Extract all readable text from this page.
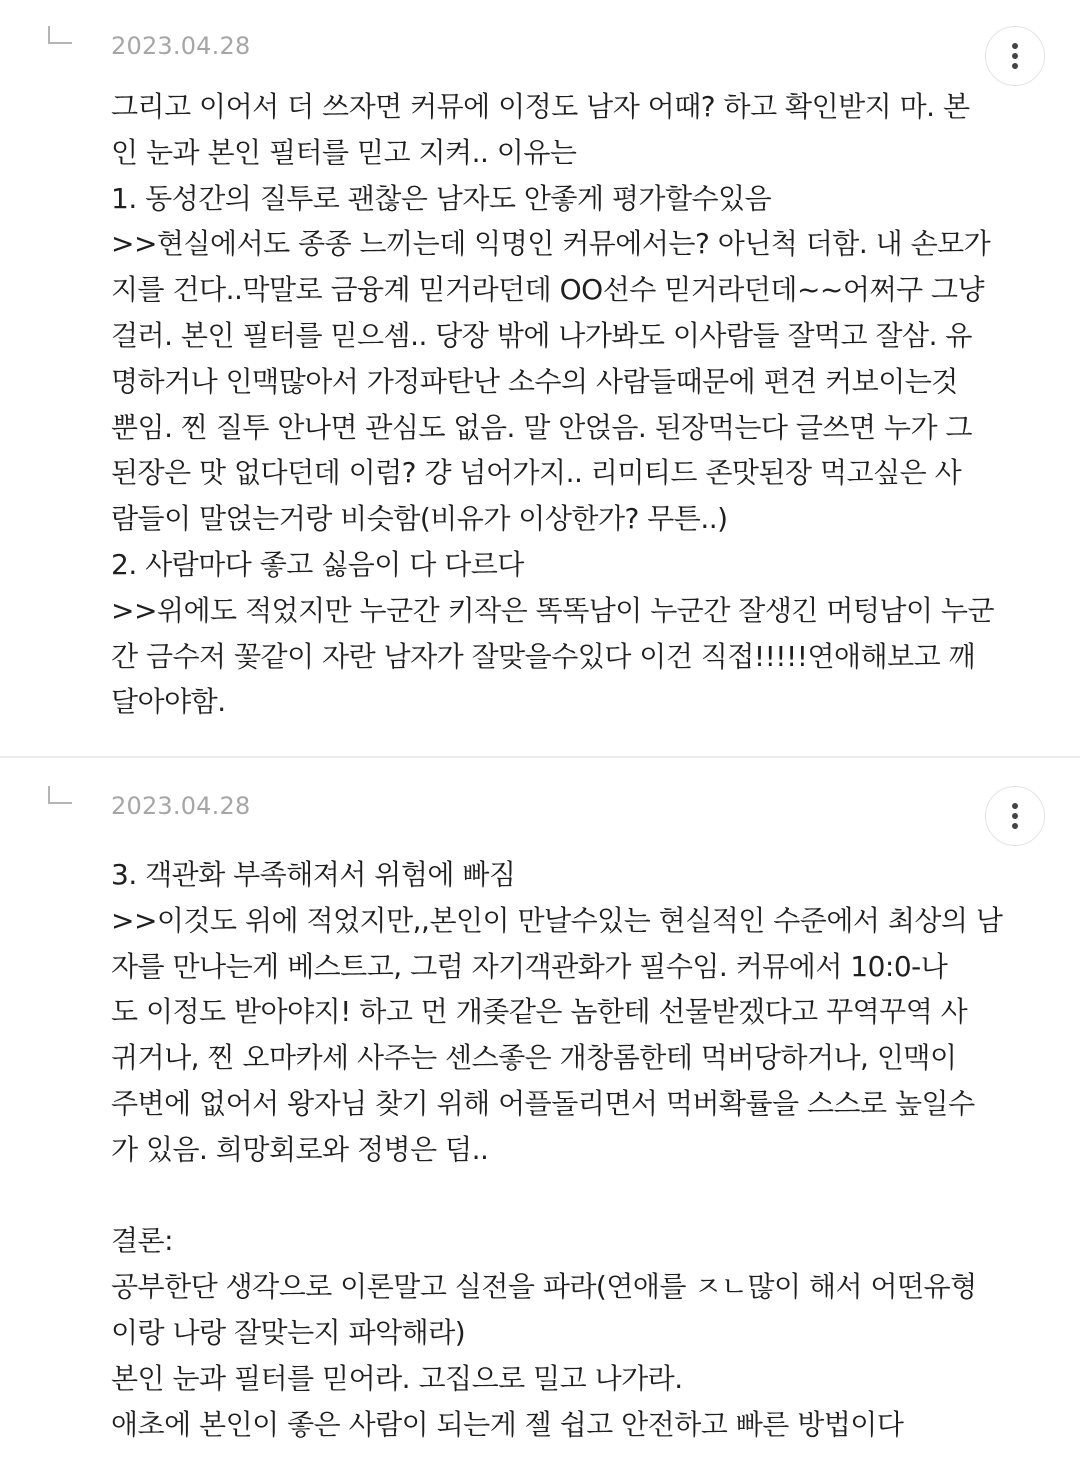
2023.04.28
그리고 이어서 더 쓰자면 커뮤에 이정도 남자 어때? 하고 확인받지 마. 본
인 눈과 본인 필터를 믿고 지켜.. 이유는
1. 동성간의 질투로 괜찮은 남자도 안좋게 평가할수있음
>>현실에서도 종종 느끼는데 익명인 커뮤에서는? 아닌척 더함. 내 손모가
지를 건다..막말로 금융계 믿거라던데 OO선수 믿거라던데~~어쩌구 그냥
걸러. 본인 필터를 믿으셈.. 당장 밖에 나가봐도 이사람들 잘먹고 잘삼. 유
명하거나 인맥많아서 가정파탄난 소수의 사람들때문에 편견 커보이는것
뿐임. 찐 질투 안나면 관심도 없음. 말 안얹음. 된장먹는다 글쓰면 누가 그
된장은 맛 없다던데 이럼? 걍 넘어가지.. 리미티드 존맛된장 먹고싶은 사
람들이 말얹는거랑 비슷함(비유가 이상한가? 무튼..)
2. 사람마다 좋고 싫음이 다 다르다
>>위에도 적었지만 누군간 키작은 똑똑남이 누군간 잘생긴 머텅남이 누군
간 금수저 꽃같이 자란 남자가 잘맞을수있다 이건 직접!!!!!연애해보고 깨
달아야함.
2023.04.28
3. 객관화 부족해져서 위험에 빠짐
>>이것도 위에 적었지만,,본인이 만날수있는 현실적인 수준에서 최상의 남
자를 만나는게 베스트고, 그럼 자기객관화가 필수임. 커뮤에서 10:0-나
도 이정도 받아야지! 하고 먼 개좆같은 놈한테 선물받겠다고 꾸역꾸역 사
귀거나, 찐 오마카세 사주는 센스좋은 개창롬한테 먹버당하거나, 인맥이
주변에 없어서 왕자님 찾기 위해 어플돌리면서 먹버확률을 스스로 높일수
가 있음. 희망회로와 정병은 덤..
결론:
공부한단 생각으로 이론말고 실전을 파라(연애를 ㅈㄴ많이 해서 어떤유형
이랑 나랑 잘맞는지 파악해라)
본인 눈과 필터를 믿어라. 고집으로 밀고 나가라.
애초에 본인이 좋은 사람이 되는게 젤 쉽고 안전하고 빠른 방법이다
